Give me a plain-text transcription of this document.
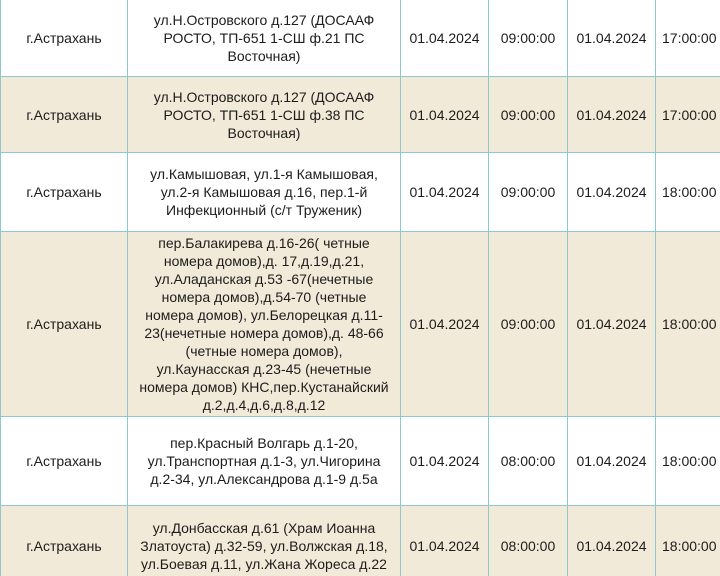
г.Астрахань	ул.Н.Островского д.127 (ДОСААФ РОСТО, ТП-651 1-СШ ф.21 ПС Восточная)	01.04.2024	09:00:00	01.04.2024	17:00:00
г.Астрахань	ул.Н.Островского д.127 (ДОСААФ РОСТО, ТП-651 1-СШ ф.38 ПС Восточная)	01.04.2024	09:00:00	01.04.2024	17:00:00
г.Астрахань	ул.Камышовая, ул.1-я Камышовая, ул.2-я Камышовая д.16, пер.1-й Инфекционный (с/т Труженик)	01.04.2024	09:00:00	01.04.2024	18:00:00
г.Астрахань	пер.Балакирева д.16-26( четные номера домов),д. 17,д.19,д.21, ул.Аладанская д.53 -67(нечетные номера домов),д.54-70 (четные номера домов), ул.Белорецкая д.11-23(нечетные номера домов),д. 48-66 (четные номера домов), ул.Каунасская д.23-45 (нечетные номера домов) КНС,пер.Кустанайский д.2,д.4,д.6,д.8,д.12	01.04.2024	09:00:00	01.04.2024	18:00:00
г.Астрахань	пер.Красный Волгарь д.1-20, ул.Транспортная д.1-3, ул.Чигорина д.2-34, ул.Александрова д.1-9 д.5а	01.04.2024	08:00:00	01.04.2024	18:00:00
г.Астрахань	ул.Донбасская д.61 (Храм Иоанна Златоуста) д.32-59, ул.Волжская д.18, ул.Боевая д.11, ул.Жана Жореса д.22	01.04.2024	08:00:00	01.04.2024	18:00:00
